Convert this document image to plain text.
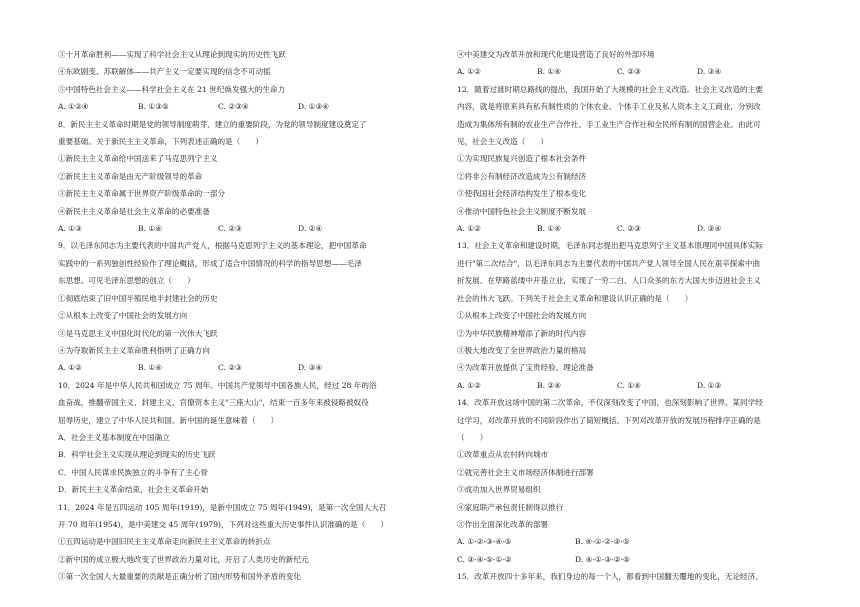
③十月革命胜利——实现了科学社会主义从理论到现实的历史性飞跃
④东欧剧变、苏联解体——共产主义一定要实现的信念不可动摇
⑤中国特色社会主义——科学社会主义在 21 世纪焕发强大的生命力
A. ①②④	B. ①③⑤	C. ②③④	D. ①③④
8．新民主主义革命时期是党的领导制度萌芽、建立的重要阶段，为党的领导制度建设奠定了
重要基础。关于新民主主义革命，下列表述正确的是（　　）
①新民主主义革命给中国送来了马克思列宁主义
②新民主主义革命是由无产阶级领导的革命
③新民主主义革命属于世界资产阶级革命的一部分
④新民主主义革命是社会主义革命的必要准备
A. ①③	B. ①④	C. ②③	D. ②④
9．以毛泽东同志为主要代表的中国共产党人，根据马克思列宁主义的基本理论，把中国革命
实践中的一系列独创性经验作了理论概括，形成了适合中国情况的科学的指导思想——毛泽
东思想。可见毛泽东思想的创立（　　）
①彻底结束了旧中国半殖民地半封建社会的历史
②从根本上改变了中国社会的发展方向
③是马克思主义中国化时代化的第一次伟大飞跃
④为夺取新民主主义革命胜利指明了正确方向
A. ①②	B. ①④	C. ②③	D. ③④
10．2024 年是中华人民共和国成立 75 周年。中国共产党领导中国各族人民，经过 28 年的浴
血奋战，推翻帝国主义、封建主义、官僚资本主义"三座大山"，结束一百多年来被侵略被奴役
屈辱历史，建立了中华人民共和国。新中国的诞生意味着（　　）
A．社会主义基本制度在中国确立
B．科学社会主义实现从理论到现实的历史飞跃
C．中国人民谋求民族独立的斗争有了主心骨
D．新民主主义革命结束，社会主义革命开始
11．2024 年是五四运动 105 周年(1919)，是新中国成立 75 周年(1949)，是第一次全国人大召
开 70 周年(1954)，是中美建交 45 周年(1979)，下列对这些重大历史事件认识准确的是（　　）
①五四运动是中国旧民主主义革命走向新民主主义革命的转折点
②新中国的成立极大地改变了世界政治力量对比，开启了人类历史的新纪元
③第一次全国人大最重要的贡献是正确分析了国内形势和国外矛盾的变化
④中美建交为改革开放和现代化建设营造了良好的外部环境
A. ①②	B. ①④	C. ②③	D. ③④
12．随着过渡时期总路线的提出，我国开始了大规模的社会主义改造。社会主义改造的主要
内容，就是将原来具有私有制性质的个体农业、个体手工业及私人资本主义工商业，分别改
造成为集体所有制的农业生产合作社、手工业生产合作社和全民所有制的国营企业。由此可
见，社会主义改造（　　）
①为实现民族复兴创造了根本社会条件
②将非公有制经济改造成为公有制经济
③使我国社会经济结构发生了根本变化
④推动中国特色社会主义制度不断发展
A. ①②	B. ①④	C. ②③	D. ③④
13．社会主义革命和建设时期，毛泽东同志提出把马克思列宁主义基本原理同中国具体实际
进行"第二次结合"，以毛泽东同志为主要代表的中国共产党人领导全国人民在艰辛探索中曲
折发展、在筚路蓝缕中开基立业，实现了一穷二白、人口众多的东方大国大步迈进社会主义
社会的伟大飞跃。下列关于社会主义革命和建设认识正确的是（　　）
①从根本上改变了中国社会的发展方向
②为中华民族精神增添了新的时代内容
③极大地改变了全世界政治力量的格局
④为改革开放提供了宝贵经验、理论准备
A. ①②	B. ②④	C. ①④	D. ①③
14．改革开放这场中国的第二次革命，不仅深刻改变了中国，也深刻影响了世界。某同学经
过学习，对改革开放的不同阶段作出了简短概括。下列对改革开放的发展历程排序正确的是
（　　）
①改革重点从农村转向城市
②就完善社会主义市场经济体制进行部署
③成功加入世界贸易组织
④家庭联产承包责任制得以推行
⑤作出全面深化改革的部署
A. ①-②-③-④-⑤	B. ④-①-②-③-⑤
C. ③-④-⑤-①-②	D. ④-①-③-②-⑤
15．改革开放四十多年来，我们身边的每一个人，都看到中国翻天覆地的变化，无论经济、
